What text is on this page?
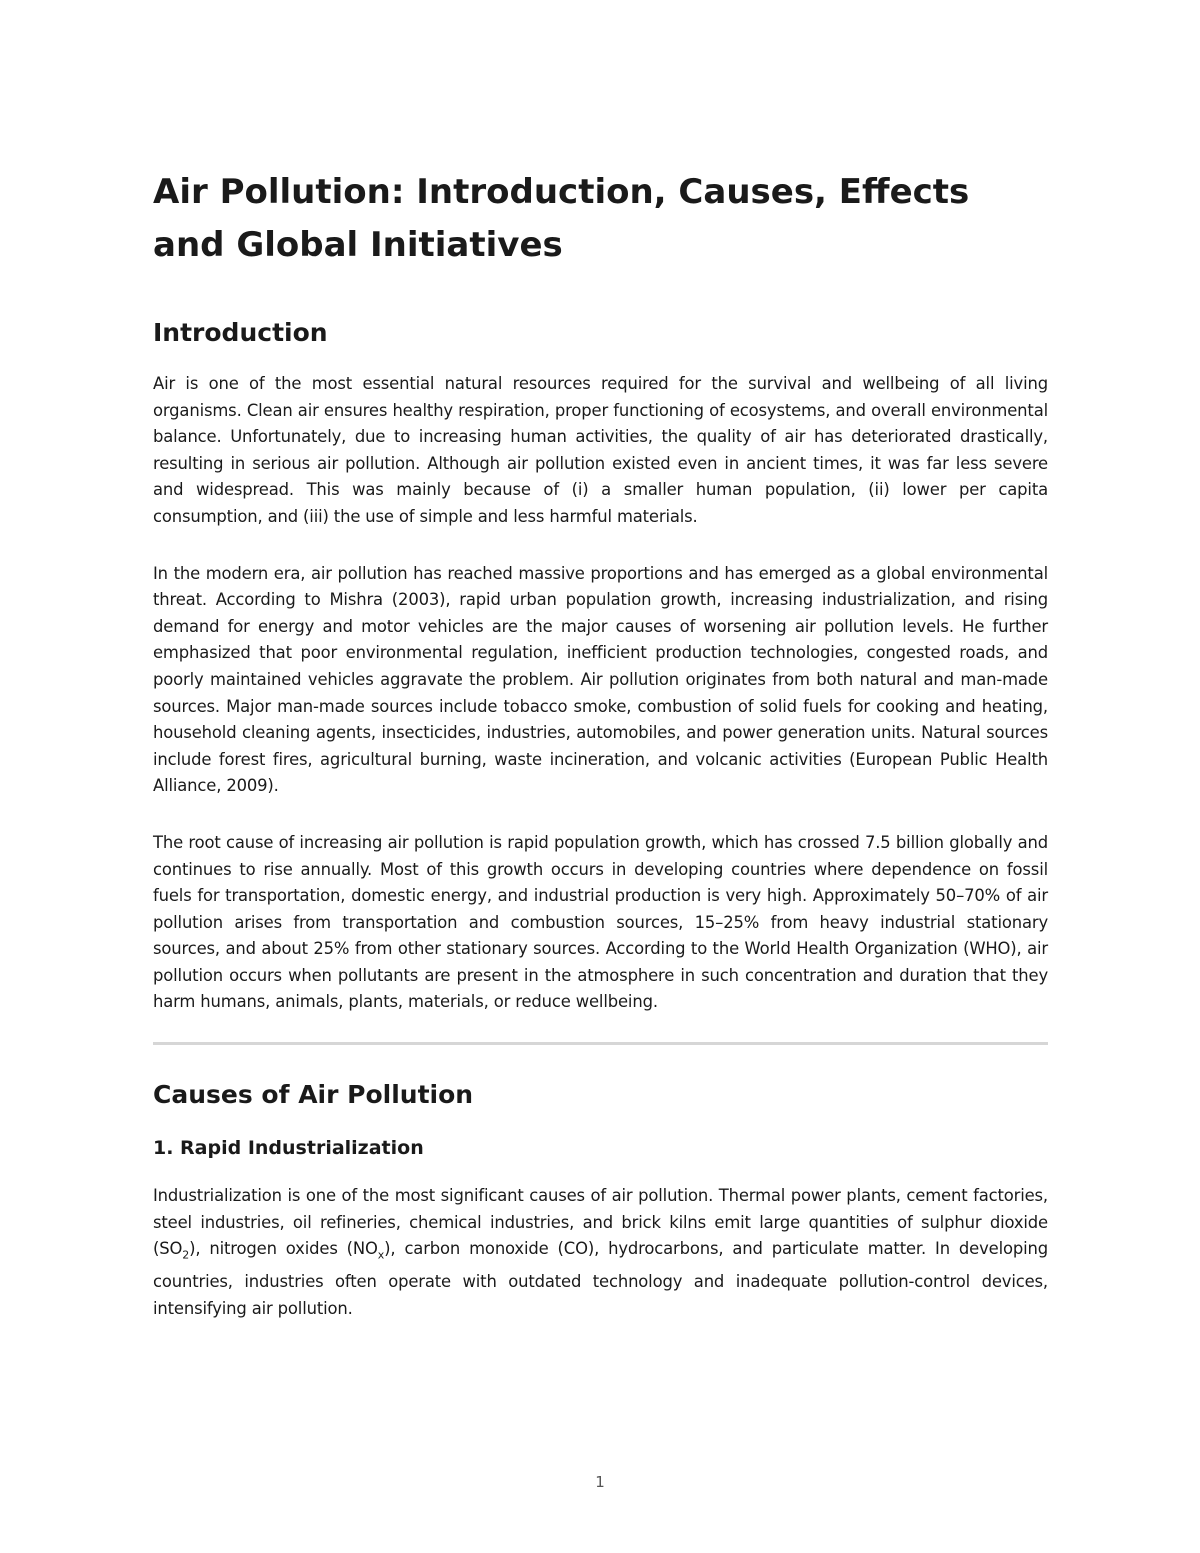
Air Pollution: Introduction, Causes, Effects and Global Initiatives
Introduction

Air is one of the most essential natural resources required for the survival and wellbeing of all living organisms. Clean air ensures healthy respiration, proper functioning of ecosystems, and overall environmental balance. Unfortunately, due to increasing human activities, the quality of air has deteriorated drastically, resulting in serious air pollution. Although air pollution existed even in ancient times, it was far less severe and widespread. This was mainly because of (i) a smaller human population, (ii) lower per capita consumption, and (iii) the use of simple and less harmful materials.

In the modern era, air pollution has reached massive proportions and has emerged as a global environmental threat. According to Mishra (2003), rapid urban population growth, increasing industrialization, and rising demand for energy and motor vehicles are the major causes of worsening air pollution levels. He further emphasized that poor environmental regulation, inefficient production technologies, congested roads, and poorly maintained vehicles aggravate the problem. Air pollution originates from both natural and man-made sources. Major man-made sources include tobacco smoke, combustion of solid fuels for cooking and heating, household cleaning agents, insecticides, industries, automobiles, and power generation units. Natural sources include forest fires, agricultural burning, waste incineration, and volcanic activities (European Public Health Alliance, 2009).

The root cause of increasing air pollution is rapid population growth, which has crossed 7.5 billion globally and continues to rise annually. Most of this growth occurs in developing countries where dependence on fossil fuels for transportation, domestic energy, and industrial production is very high. Approximately 50–70% of air pollution arises from transportation and combustion sources, 15–25% from heavy industrial stationary sources, and about 25% from other stationary sources. According to the World Health Organization (WHO), air pollution occurs when pollutants are present in the atmosphere in such concentration and duration that they harm humans, animals, plants, materials, or reduce wellbeing.

Causes of Air Pollution
1. Rapid Industrialization

Industrialization is one of the most significant causes of air pollution. Thermal power plants, cement factories, steel industries, oil refineries, chemical industries, and brick kilns emit large quantities of sulphur dioxide $(SO_2)$, nitrogen oxides $(NO_x)$, carbon monoxide (CO), hydrocarbons, and particulate matter. In developing countries, industries often operate with outdated technology and inadequate pollution-control devices, intensifying air pollution.

1
